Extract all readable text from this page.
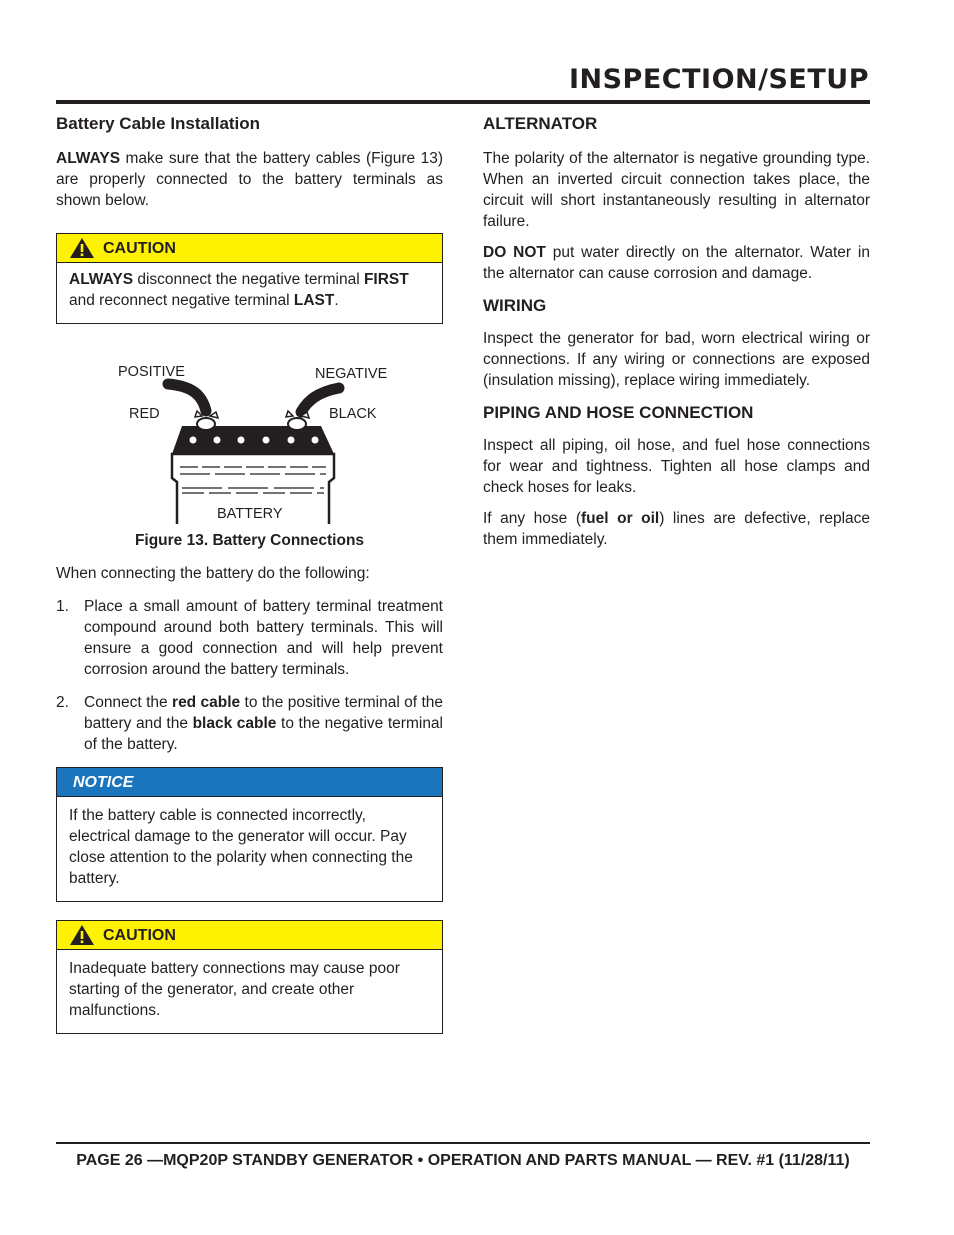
INSPECTION/SETUP
Battery Cable Installation

ALWAYS make sure that the battery cables (Figure 13) are properly connected to the battery terminals as shown below.

CAUTION
ALWAYS disconnect the negative terminal FIRST and reconnect negative terminal LAST.
POSITIVE	NEGATIVE
RED	BLACK
BATTERY
Figure 13. Battery Connections

When connecting the battery do the following:

1. Place a small amount of battery terminal treatment compound around both battery terminals. This will ensure a good connection and will help prevent corrosion around the battery terminals.
2. Connect the red cable to the positive terminal of the battery and the black cable to the negative terminal of the battery.
NOTICE
If the battery cable is connected incorrectly, electrical damage to the generator will occur. Pay close attention to the polarity when connecting the battery.
CAUTION
Inadequate battery connections may cause poor starting of the generator, and create other malfunctions.
ALTERNATOR

The polarity of the alternator is negative grounding type. When an inverted circuit connection takes place, the circuit will short instantaneously resulting in alternator failure.

DO NOT put water directly on the alternator. Water in the alternator can cause corrosion and damage.

WIRING

Inspect the generator for bad, worn electrical wiring or connections. If any wiring or connections are exposed (insulation missing), replace wiring immediately.

PIPING AND HOSE CONNECTION

Inspect all piping, oil hose, and fuel hose connections for wear and tightness. Tighten all hose clamps and check hoses for leaks.

If any hose (fuel or oil) lines are defective, replace them immediately.

PAGE 26 —MQP20P STANDBY GENERATOR • OPERATION AND PARTS MANUAL — REV. #1 (11/28/11)
